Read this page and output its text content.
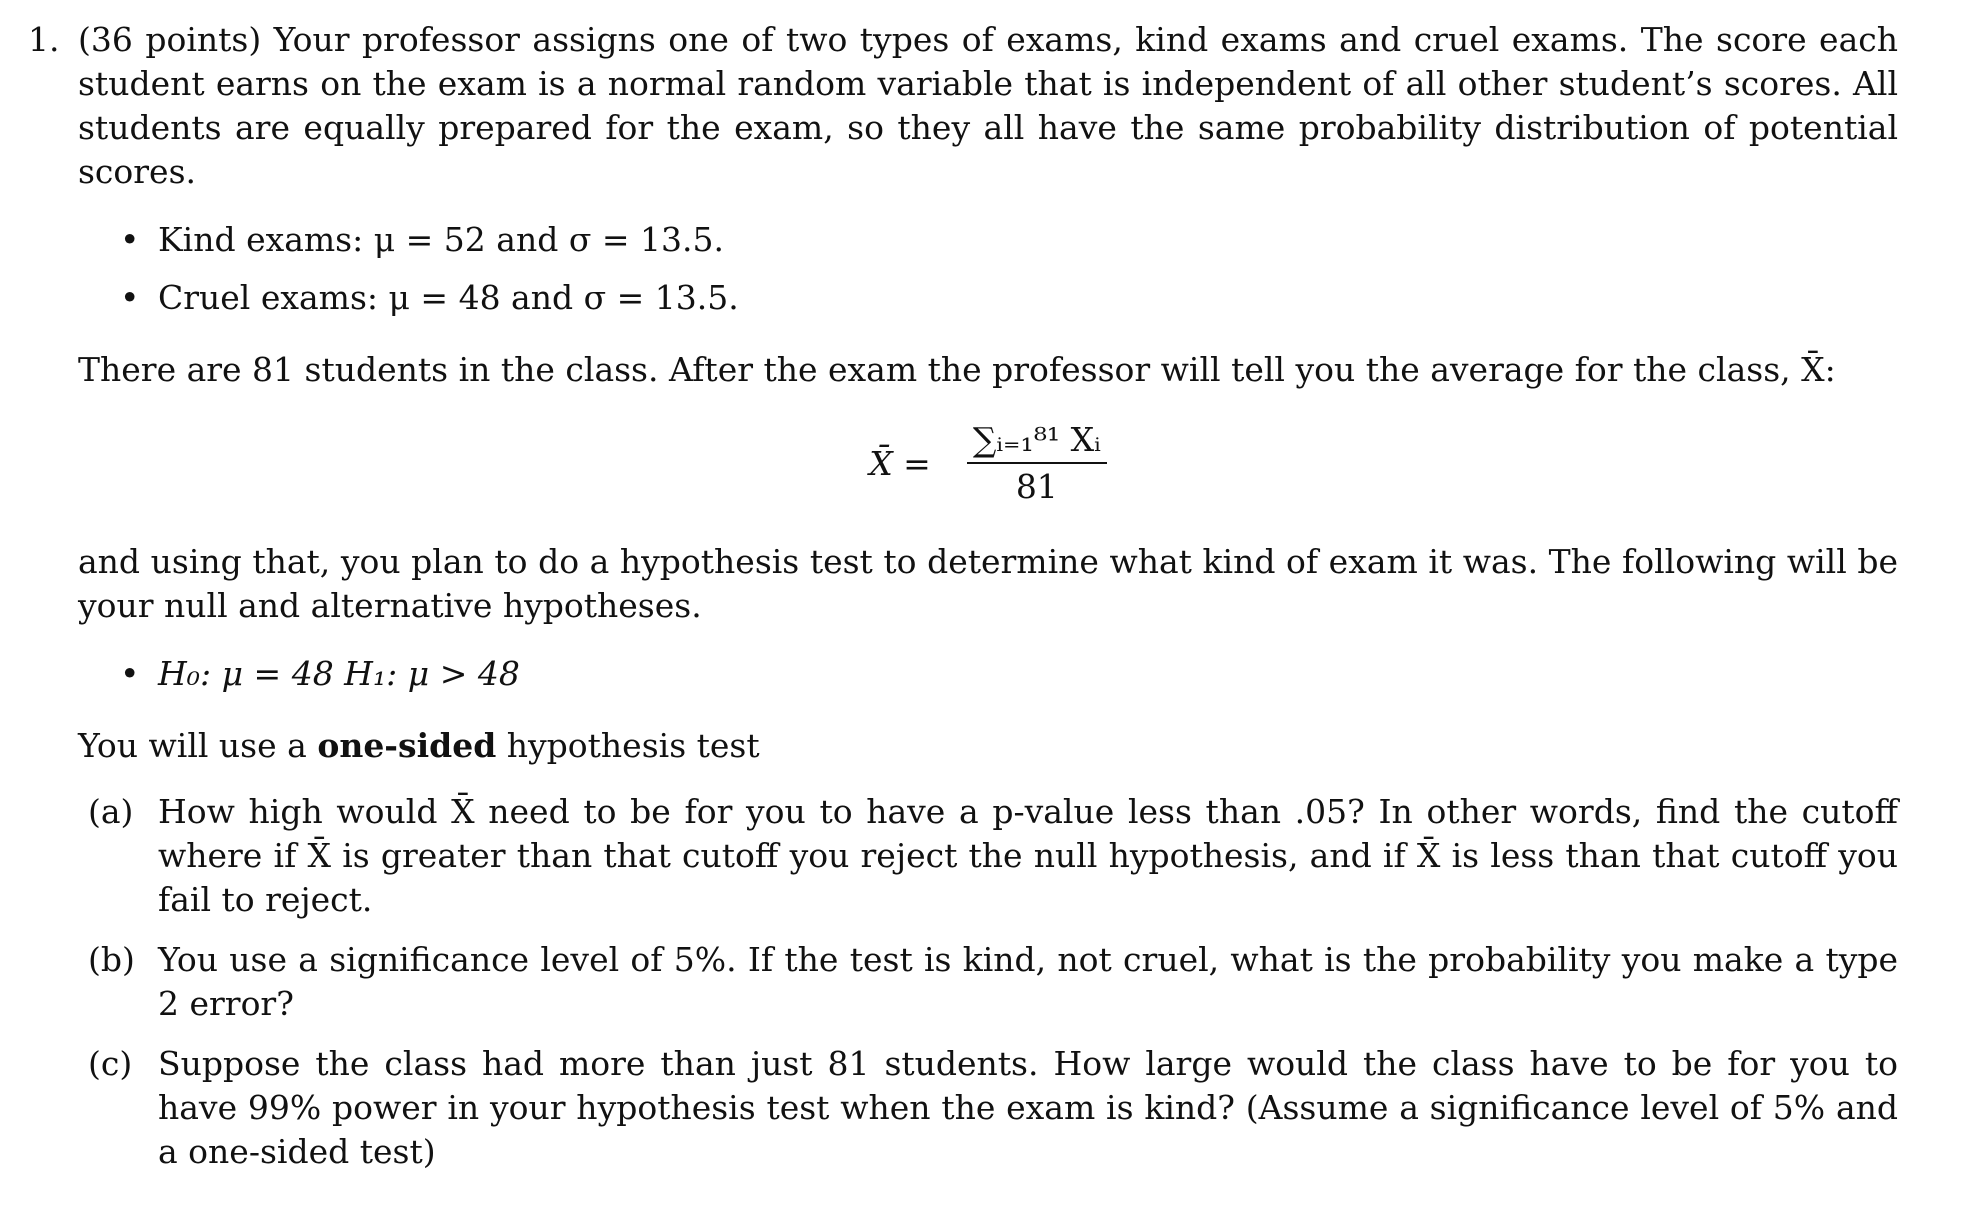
1. (36 points) Your professor assigns one of two types of exams, kind exams and cruel exams. The score each student earns on the exam is a normal random variable that is independent of all other student’s scores. All students are equally prepared for the exam, so they all have the same probability distribution of potential scores.

• Kind exams: μ = 52 and σ = 13.5.
• Cruel exams: μ = 48 and σ = 13.5.

There are 81 students in the class. After the exam the professor will tell you the average for the class, X̄:

X̄ = $\frac{\text{∑ᵢ₌₁⁸¹ Xᵢ}}{81}$

and using that, you plan to do a hypothesis test to determine what kind of exam it was. The following will be your null and alternative hypotheses.

• H₀: μ = 48 H₁: μ > 48

You will use a one-sided hypothesis test

(a) How high would X̄ need to be for you to have a p-value less than .05? In other words, find the cutoff where if X̄ is greater than that cutoff you reject the null hypothesis, and if X̄ is less than that cutoff you fail to reject.
(b) You use a significance level of 5%. If the test is kind, not cruel, what is the probability you make a type 2 error?
(c) Suppose the class had more than just 81 students. How large would the class have to be for you to have 99% power in your hypothesis test when the exam is kind? (Assume a significance level of 5% and a one-sided test)
